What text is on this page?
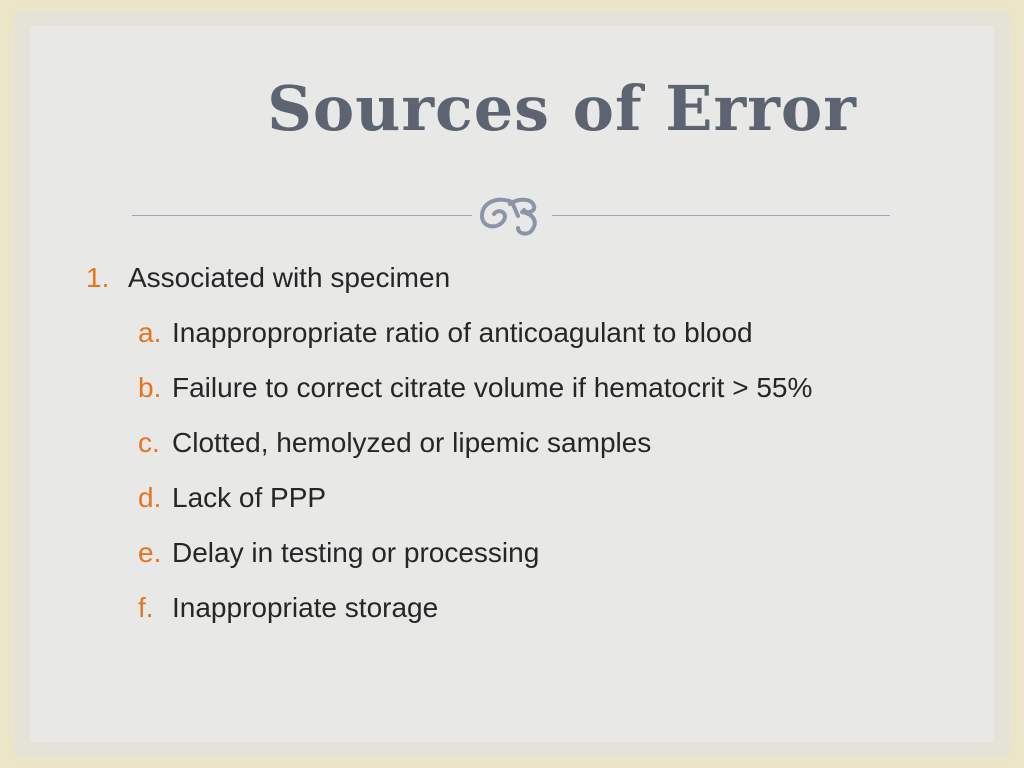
Sources of Error
1. Associated with specimen
a. Inappropropriate ratio of anticoagulant to blood
b. Failure to correct citrate volume if hematocrit > 55%
c. Clotted, hemolyzed or lipemic samples
d. Lack of PPP
e. Delay in testing or processing
f. Inappropriate storage
